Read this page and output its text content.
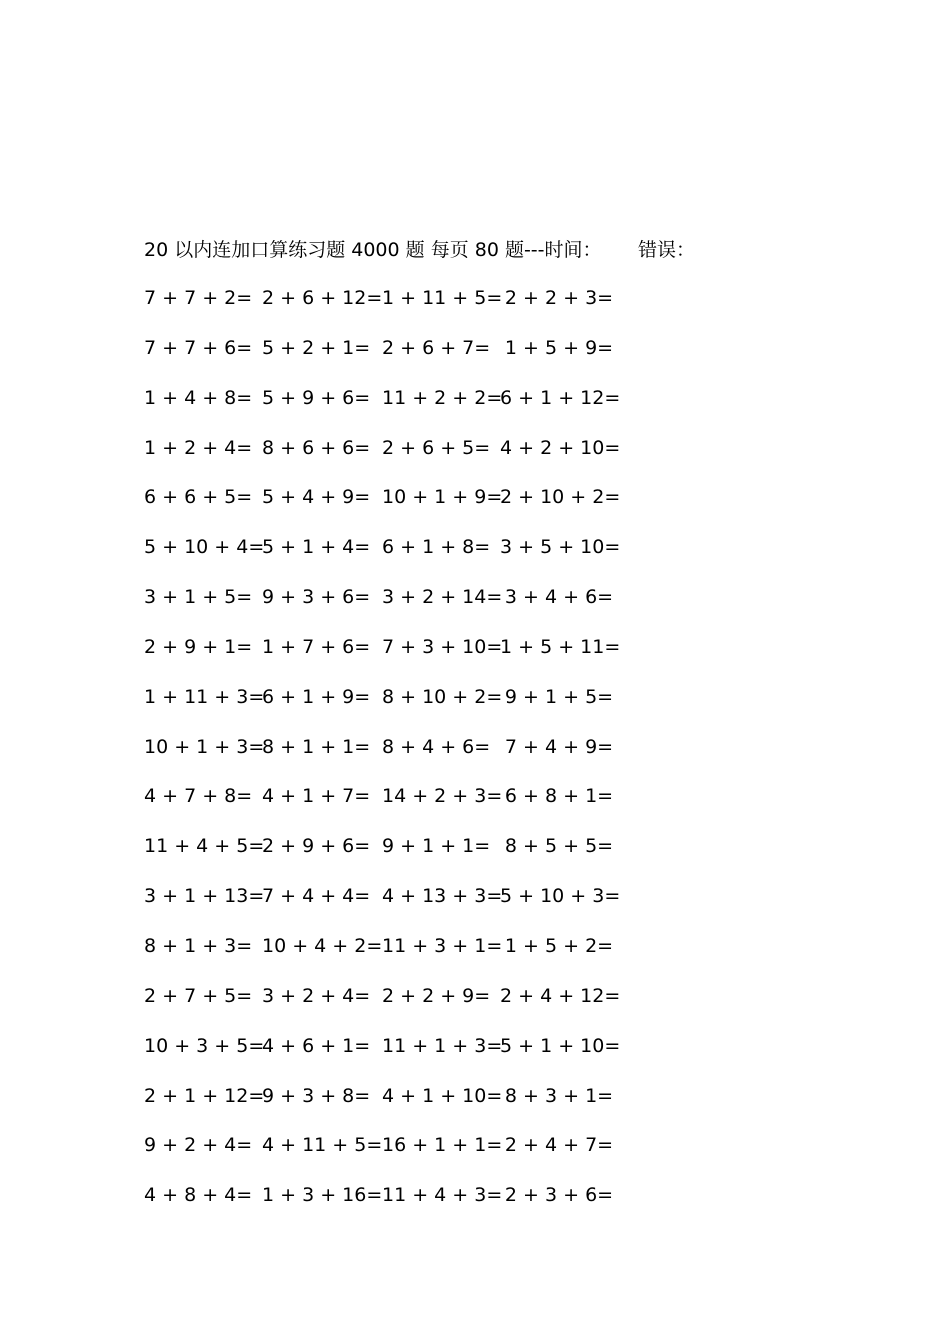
20 以内连加口算练习题 4000 题 每页 80 题---时间： 错误：
7 + 7 + 2= 2 + 6 + 12= 1 + 11 + 5= 2 + 2 + 3=
7 + 7 + 6= 5 + 2 + 1= 2 + 6 + 7= 1 + 5 + 9=
1 + 4 + 8= 5 + 9 + 6= 11 + 2 + 2=
6 + 1 + 12=
1 + 2 + 4= 8 + 6 + 6= 2 + 6 + 5= 4 + 2 + 10=
6 + 6 + 5= 5 + 4 + 9= 10 + 1 + 9=
2 + 10 + 2=
5 + 10 + 4=
5 + 1 + 4= 6 + 1 + 8= 3 + 5 + 10=
3 + 1 + 5= 9 + 3 + 6= 3 + 2 + 14= 3 + 4 + 6=
2 + 9 + 1= 1 + 7 + 6= 7 + 3 + 10=
1 + 5 + 11=
1 + 11 + 3=
6 + 1 + 9= 8 + 10 + 2= 9 + 1 + 5=
10 + 1 + 3=
8 + 1 + 1= 8 + 4 + 6= 7 + 4 + 9=
4 + 7 + 8= 4 + 1 + 7= 14 + 2 + 3= 6 + 8 + 1=
11 + 4 + 5=
2 + 9 + 6= 9 + 1 + 1= 8 + 5 + 5=
3 + 1 + 13=
7 + 4 + 4= 4 + 13 + 3=
5 + 10 + 3=
8 + 1 + 3= 10 + 4 + 2= 11 + 3 + 1= 1 + 5 + 2=
2 + 7 + 5= 3 + 2 + 4= 2 + 2 + 9= 2 + 4 + 12=
10 + 3 + 5=
4 + 6 + 1= 11 + 1 + 3=
5 + 1 + 10=
2 + 1 + 12=
9 + 3 + 8= 4 + 1 + 10= 8 + 3 + 1=
9 + 2 + 4= 4 + 11 + 5= 16 + 1 + 1= 2 + 4 + 7=
4 + 8 + 4= 1 + 3 + 16= 11 + 4 + 3= 2 + 3 + 6=
